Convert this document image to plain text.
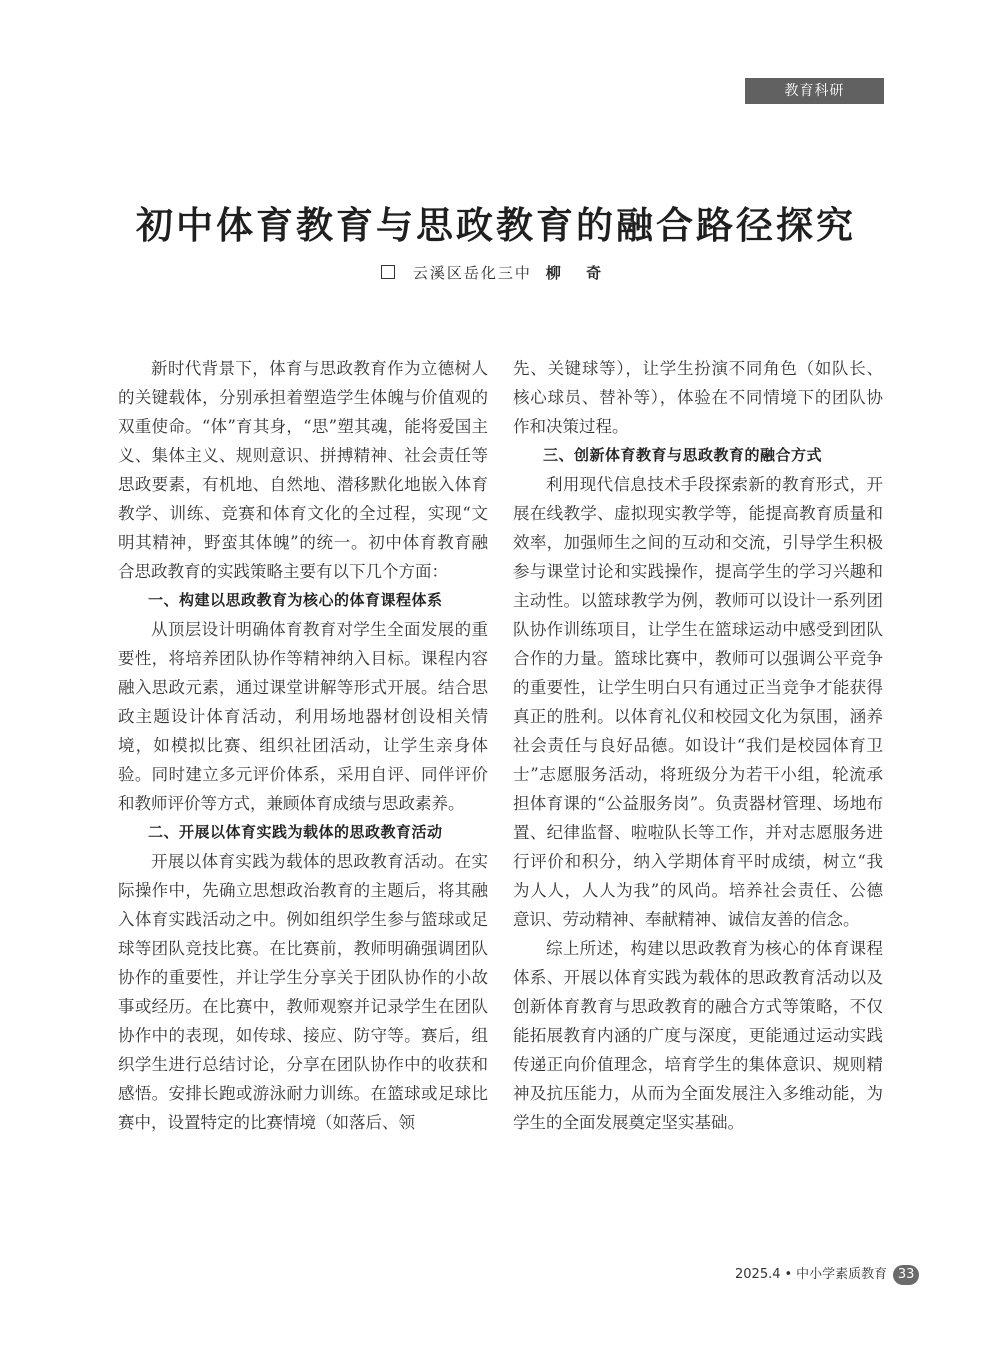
教育科研
初中体育教育与思政教育的融合路径探究
云溪区岳化三中 柳 奇

新时代背景下，体育与思政教育作为立德树人的关键载体，分别承担着塑造学生体魄与价值观的双重使命。“体”育其身，“思”塑其魂，能将爱国主义、集体主义、规则意识、拼搏精神、社会责任等思政要素，有机地、自然地、潜移默化地嵌入体育教学、训练、竞赛和体育文化的全过程，实现“文明其精神，野蛮其体魄”的统一。初中体育教育融合思政教育的实践策略主要有以下几个方面：

一、构建以思政教育为核心的体育课程体系

从顶层设计明确体育教育对学生全面发展的重要性，将培养团队协作等精神纳入目标。课程内容融入思政元素，通过课堂讲解等形式开展。结合思政主题设计体育活动，利用场地器材创设相关情境，如模拟比赛、组织社团活动，让学生亲身体验。同时建立多元评价体系，采用自评、同伴评价和教师评价等方式，兼顾体育成绩与思政素养。

二、开展以体育实践为载体的思政教育活动

开展以体育实践为载体的思政教育活动。在实际操作中，先确立思想政治教育的主题后，将其融入体育实践活动之中。例如组织学生参与篮球或足球等团队竞技比赛。在比赛前，教师明确强调团队协作的重要性，并让学生分享关于团队协作的小故事或经历。在比赛中，教师观察并记录学生在团队协作中的表现，如传球、接应、防守等。赛后，组织学生进行总结讨论，分享在团队协作中的收获和感悟。安排长跑或游泳耐力训练。在篮球或足球比赛中，设置特定的比赛情境（如落后、领

先、关键球等），让学生扮演不同角色（如队长、核心球员、替补等），体验在不同情境下的团队协作和决策过程。

三、创新体育教育与思政教育的融合方式

利用现代信息技术手段探索新的教育形式，开展在线教学、虚拟现实教学等，能提高教育质量和效率，加强师生之间的互动和交流，引导学生积极参与课堂讨论和实践操作，提高学生的学习兴趣和主动性。以篮球教学为例，教师可以设计一系列团队协作训练项目，让学生在篮球运动中感受到团队合作的力量。篮球比赛中，教师可以强调公平竞争的重要性，让学生明白只有通过正当竞争才能获得真正的胜利。以体育礼仪和校园文化为氛围，涵养社会责任与良好品德。如设计“我们是校园体育卫士”志愿服务活动，将班级分为若干小组，轮流承担体育课的“公益服务岗”。负责器材管理、场地布置、纪律监督、啦啦队长等工作，并对志愿服务进行评价和积分，纳入学期体育平时成绩，树立“我为人人，人人为我”的风尚。培养社会责任、公德意识、劳动精神、奉献精神、诚信友善的信念。

综上所述，构建以思政教育为核心的体育课程体系、开展以体育实践为载体的思政教育活动以及创新体育教育与思政教育的融合方式等策略，不仅能拓展教育内涵的广度与深度，更能通过运动实践传递正向价值理念，培育学生的集体意识、规则精神及抗压能力，从而为全面发展注入多维动能，为学生的全面发展奠定坚实基础。

2025.4 • 中小学素质教育 33
